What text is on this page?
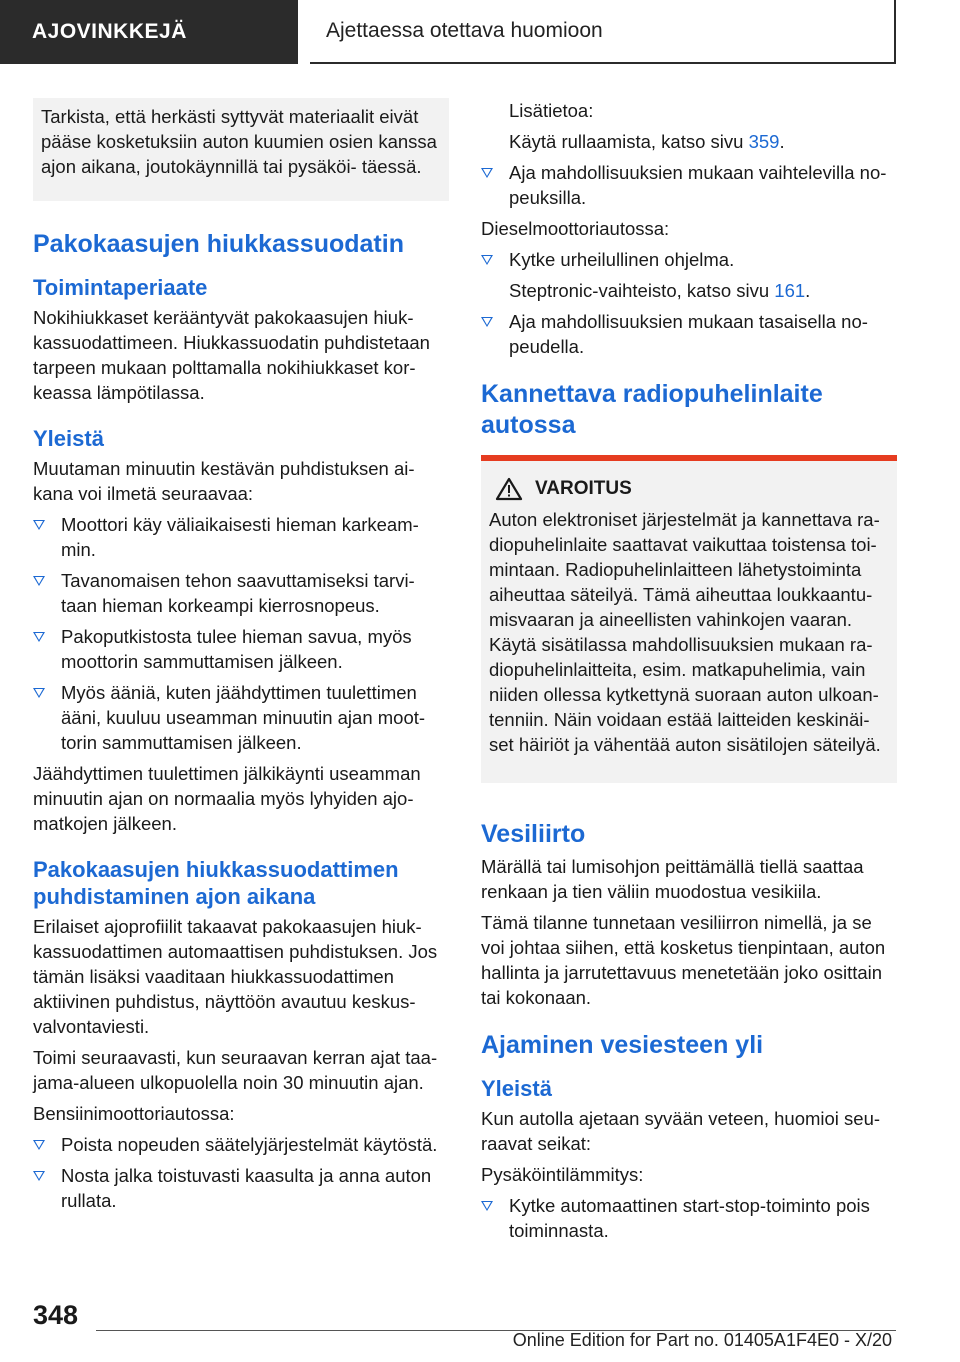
AJOVINKKEJÄ	Ajettaessa otettava huomioon

Tarkista, että herkästi syttyvät materiaalit eivät pääse kosketuksiin auton kuumien osien kanssa ajon aikana, joutokäynnillä tai pysäköi- täessä.

Pakokaasujen hiukkassuodatin
Toimintaperiaate

Nokihiukkaset kerääntyvät pakokaasujen hiuk- kassuodattimeen. Hiukkassuodatin puhdistetaan tarpeen mukaan polttamalla nokihiukkaset kor- keassa lämpötilassa.

Yleistä

Muutaman minuutin kestävän puhdistuksen ai- kana voi ilmetä seuraavaa:

Moottori käy väliaikaisesti hieman karkeam- min.
Tavanomaisen tehon saavuttamiseksi tarvi- taan hieman korkeampi kierrosnopeus.
Pakoputkistosta tulee hieman savua, myös moottorin sammuttamisen jälkeen.
Myös ääniä, kuten jäähdyttimen tuulettimen ääni, kuuluu useamman minuutin ajan moot- torin sammuttamisen jälkeen.

Jäähdyttimen tuulettimen jälkikäynti useamman minuutin ajan on normaalia myös lyhyiden ajo- matkojen jälkeen.

Pakokaasujen hiukkassuodattimen puhdistaminen ajon aikana

Erilaiset ajoprofiilit takaavat pakokaasujen hiuk- kassuodattimen automaattisen puhdistuksen. Jos tämän lisäksi vaaditaan hiukkassuodattimen aktiivinen puhdistus, näyttöön avautuu keskus- valvontaviesti.

Toimi seuraavasti, kun seuraavan kerran ajat taa- jama-alueen ulkopuolella noin 30 minuutin ajan.

Bensiinimoottoriautossa:

Poista nopeuden säätelyjärjestelmät käytöstä.
Nosta jalka toistuvasti kaasulta ja anna auton rullata.

Lisätietoa:

Käytä rullaamista, katso sivu 359.

Aja mahdollisuuksien mukaan vaihtelevilla no- peuksilla.

Dieselmoottoriautossa:

Kytke urheilullinen ohjelma.

Steptronic-vaihteisto, katso sivu 161.

Aja mahdollisuuksien mukaan tasaisella no- peudella.
Kannettava radiopuhelinlaite autossa
VAROITUS

Auton elektroniset järjestelmät ja kannettava ra- diopuhelinlaite saattavat vaikuttaa toistensa toi- mintaan. Radiopuhelinlaitteen lähetystoiminta aiheuttaa säteilyä. Tämä aiheuttaa loukkaantu- misvaaran ja aineellisten vahinkojen vaaran. Käytä sisätilassa mahdollisuuksien mukaan ra- diopuhelinlaitteita, esim. matkapuhelimia, vain niiden ollessa kytkettynä suoraan auton ulkoan- tenniin. Näin voidaan estää laitteiden keskinäi- set häiriöt ja vähentää auton sisätilojen säteilyä.

Vesiliirto

Märällä tai lumisohjon peittämällä tiellä saattaa renkaan ja tien väliin muodostua vesikiila.

Tämä tilanne tunnetaan vesiliirron nimellä, ja se voi johtaa siihen, että kosketus tienpintaan, auton hallinta ja jarrutettavuus menetetään joko osittain tai kokonaan.

Ajaminen vesiesteen yli
Yleistä

Kun autolla ajetaan syvään veteen, huomioi seu- raavat seikat:

Pysäköintilämmitys:

Kytke automaattinen start-stop-toiminto pois toiminnasta.
348
Online Edition for Part no. 01405A1F4E0 - X/20
